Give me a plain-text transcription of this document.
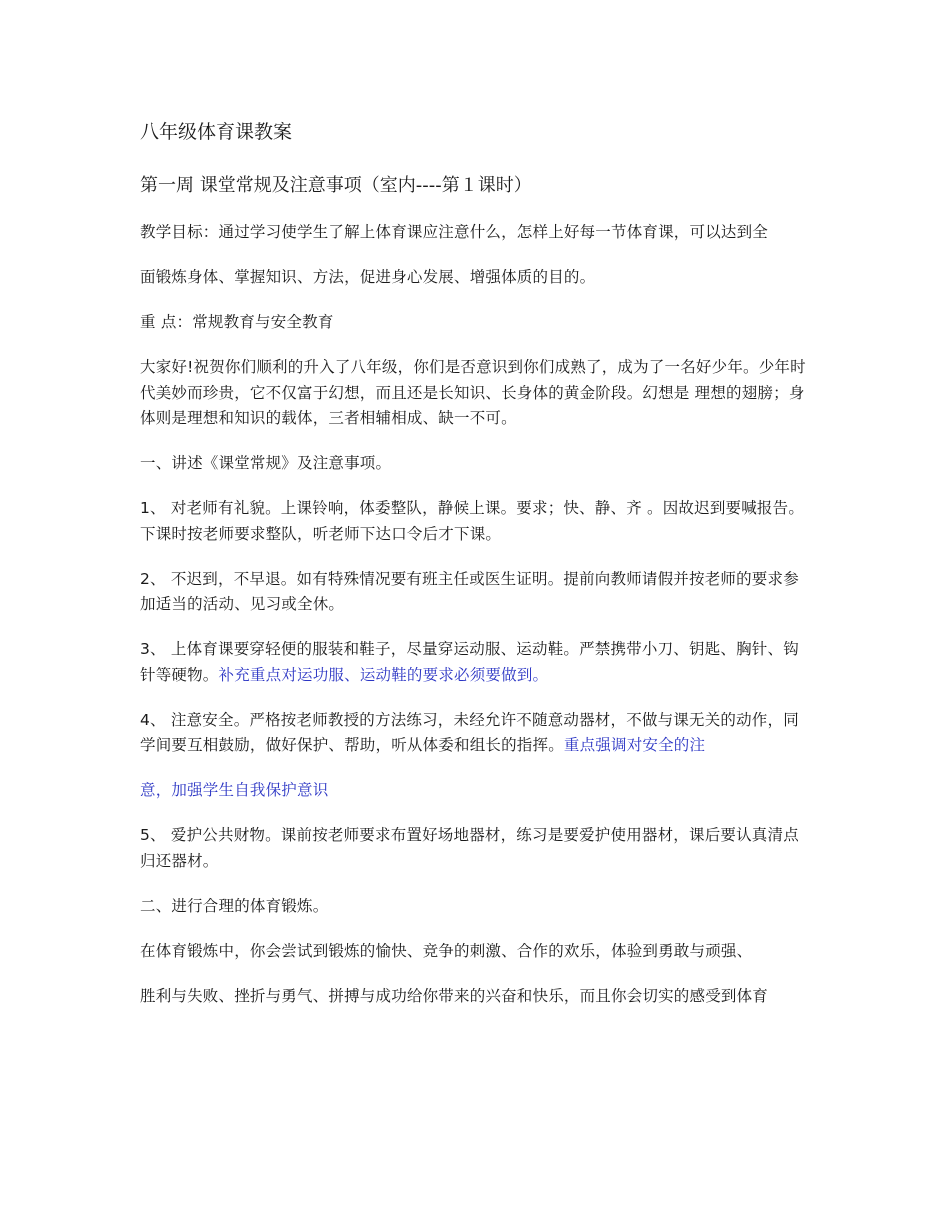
八年级体育课教案
第一周 课堂常规及注意事项（室内----第１课时）

教学目标：通过学习使学生了解上体育课应注意什么，怎样上好每一节体育课，可以达到全

面锻炼身体、掌握知识、方法，促进身心发展、增强体质的目的。

重 点：常规教育与安全教育

大家好!祝贺你们顺利的升入了八年级，你们是否意识到你们成熟了，成为了一名好少年。少年时代美妙而珍贵，它不仅富于幻想，而且还是长知识、长身体的黄金阶段。幻想是 理想的翅膀；身体则是理想和知识的载体，三者相辅相成、缺一不可。

一、讲述《课堂常规》及注意事项。

1、 对老师有礼貌。上课铃响，体委整队，静候上课。要求；快、静、齐 。因故迟到要喊报告。下课时按老师要求整队，听老师下达口令后才下课。

2、 不迟到，不早退。如有特殊情况要有班主任或医生证明。提前向教师请假并按老师的要求参加适当的活动、见习或全休。

3、 上体育课要穿轻便的服装和鞋子，尽量穿运动服、运动鞋。严禁携带小刀、钥匙、胸针、钩针等硬物。补充重点对运功服、运动鞋的要求必须要做到。

4、 注意安全。严格按老师教授的方法练习，未经允许不随意动器材，不做与课无关的动作，同学间要互相鼓励，做好保护、帮助，听从体委和组长的指挥。重点强调对安全的注

意，加强学生自我保护意识

5、 爱护公共财物。课前按老师要求布置好场地器材，练习是要爱护使用器材，课后要认真清点归还器材。

二、进行合理的体育锻炼。

在体育锻炼中，你会尝试到锻炼的愉快、竞争的刺激、合作的欢乐，体验到勇敢与顽强、

胜利与失败、挫折与勇气、拼搏与成功给你带来的兴奋和快乐，而且你会切实的感受到体育
